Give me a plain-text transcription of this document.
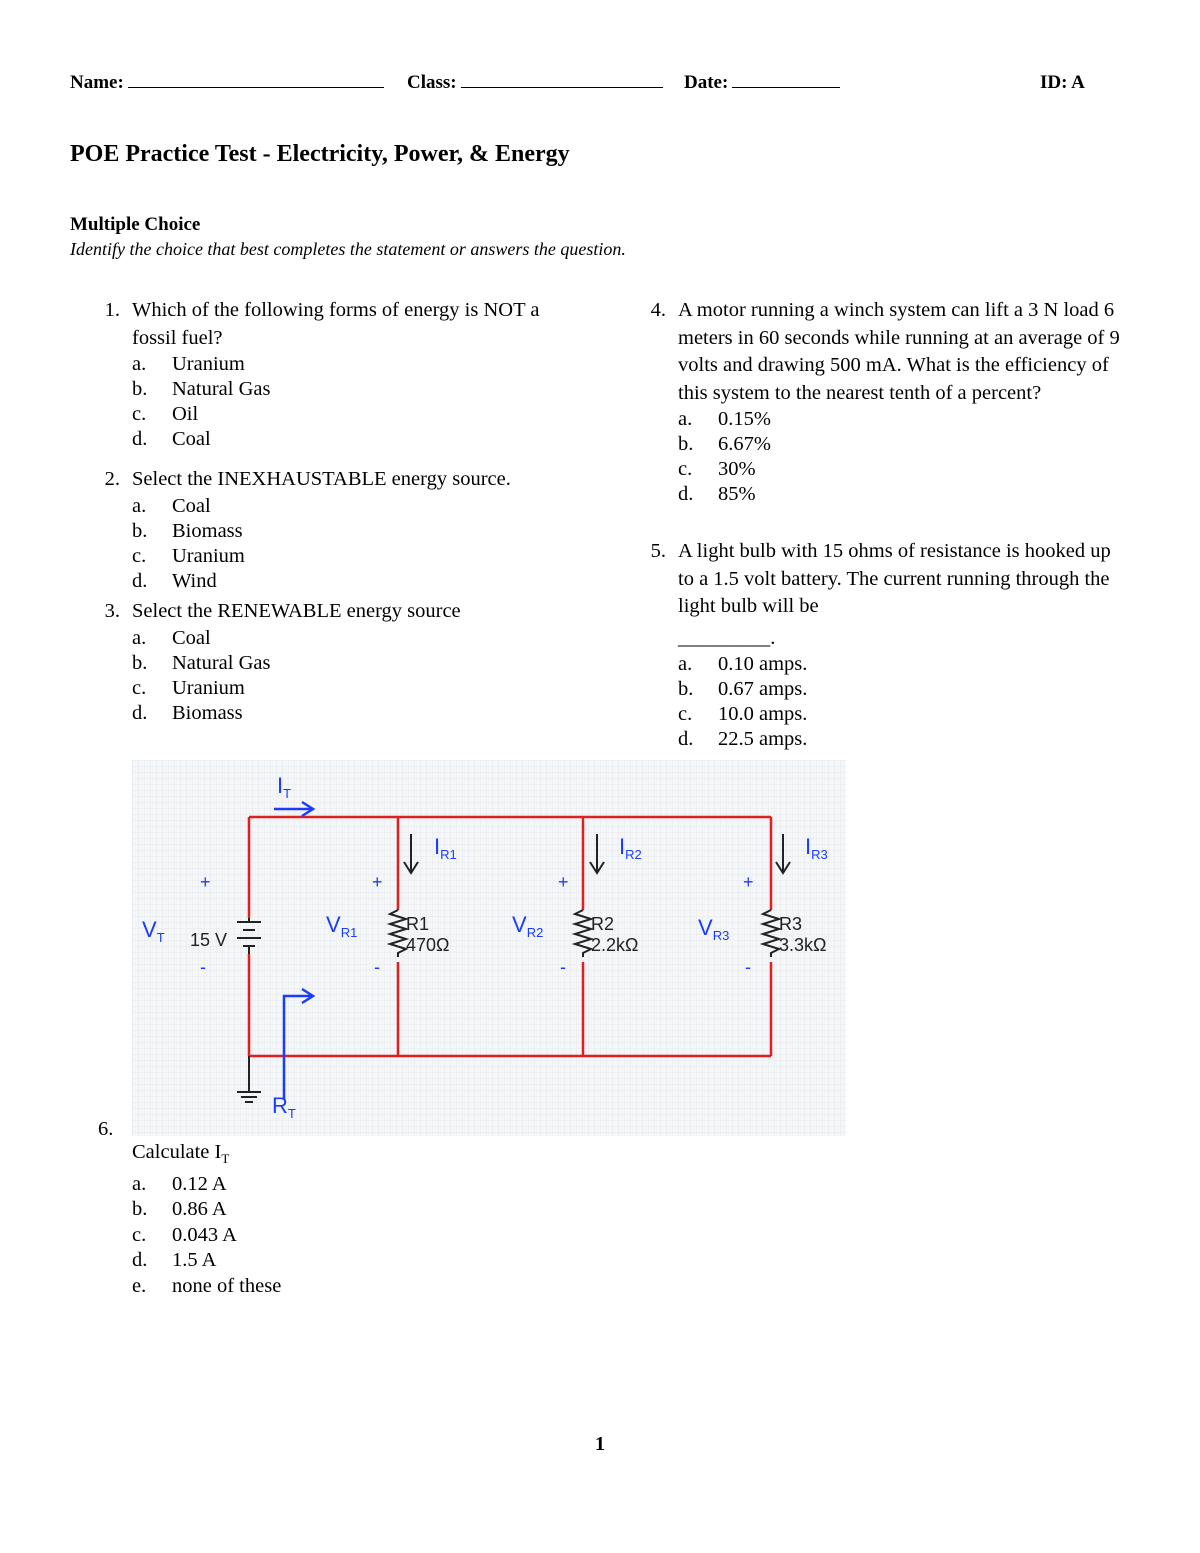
Name:	Class:	Date:	ID: A
POE Practice Test - Electricity, Power, & Energy
Multiple Choice
Identify the choice that best completes the statement or answers the question.
1. Which of the following forms of energy is NOT a fossil fuel?
a.	Uranium
b.	Natural Gas
c.	Oil
d.	Coal
2. Select the INEXHAUSTABLE energy source.
a.	Coal
b.	Biomass
c.	Uranium
d.	Wind
3. Select the RENEWABLE energy source
a.	Coal
b.	Natural Gas
c.	Uranium
d.	Biomass
4. A motor running a winch system can lift a 3 N load 6 meters in 60 seconds while running at an average of 9 volts and drawing 500 mA. What is the efficiency of this system to the nearest tenth of a percent?
a.	0.15%
b.	6.67%
c.	30%
d.	85%
5. A light bulb with 15 ohms of resistance is hooked up to a 1.5 volt battery. The current running through the light bulb will be
_________.
a.	0.10 amps.
b.	0.67 amps.
c.	10.0 amps.
d.	22.5 amps.
$I_T$
$R_T$
$V_T$
$I_{R1}$	$I_{R2}$	$I_{R3}$
$V_{R1}$	$V_{R2}$	$V_{R3}$
+
-
+
-
+
-
+
-
15 V
R1
470Ω
R2
2.2kΩ
R3
3.3kΩ
6.
Calculate $I_T$
a.	0.12 A
b.	0.86 A
c.	0.043 A
d.	1.5 A
e.	none of these
1
